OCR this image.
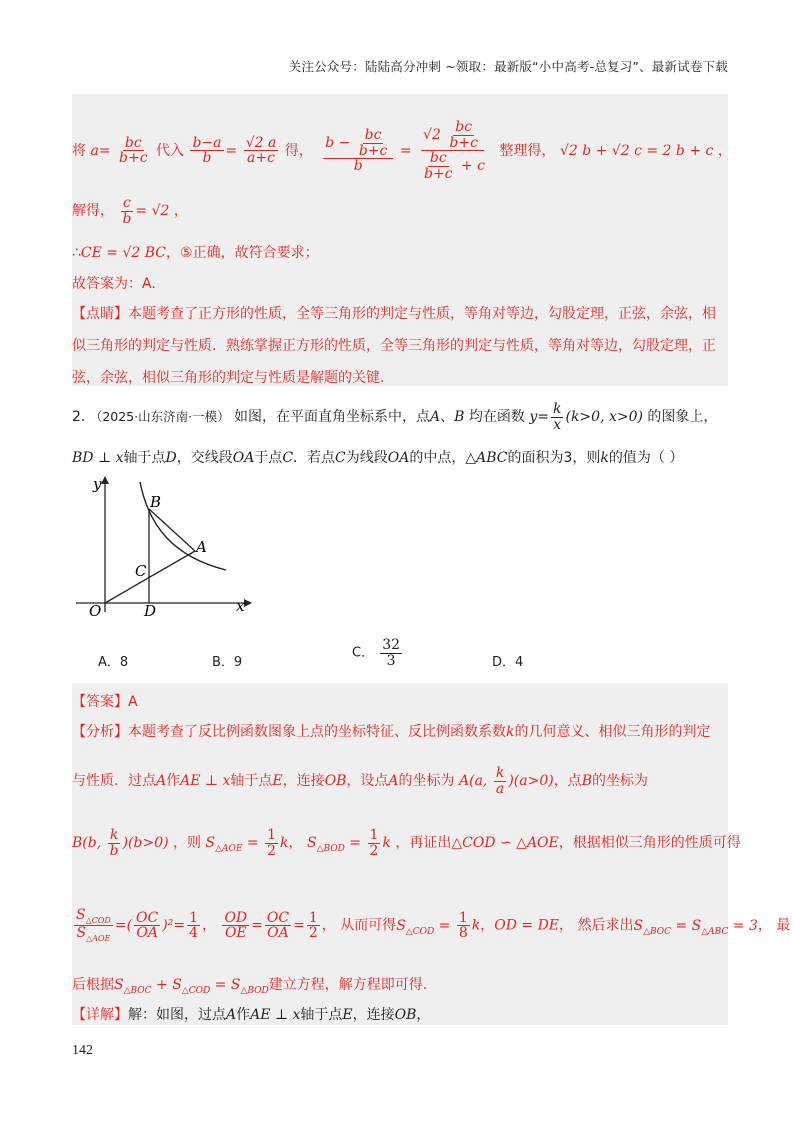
关注公众号：陆陆高分冲刺 ~领取：最新版“小中高考-总复习”、最新试卷下载
将 $a= \frac{bc}{b+c}$ 代入 $\frac{b-a}{b} = \frac{√2 a}{a+c}$ 得， $\frac{b - \frac{bc}{b+c}}{b} = \frac{√2 \frac{bc}{b+c}}{\frac{bc}{b+c} + c}$ 整理得， √2 b + √2 c = 2 b + c ，
解得， $\frac{c}{b} = √2$ ，
∴CE = √2 BC，⑤正确，故符合要求；
故答案为：A.
【点睛】本题考查了正方形的性质，全等三角形的判定与性质，等角对等边，勾股定理，正弦，余弦，相
似三角形的判定与性质．熟练掌握正方形的性质，全等三角形的判定与性质，等角对等边，勾股定理，正
弦，余弦，相似三角形的判定与性质是解题的关键.
2. （2025·山东济南·一模） 如图，在平面直角坐标系中，点A、B 均在函数 $y= \frac{k}{x} (k>0$, x>0) 的图象上，
BD ⊥ x轴于点D，交线段OA于点C．若点C为线段OA的中点，△ABC的面积为3，则k的值为（ ）
y
x
O	D
C
B
A
A．8	B．9
C． $\frac{32}{3}$	D．4
【答案】A
【分析】本题考查了反比例函数图象上点的坐标特征、反比例函数系数k的几何意义、相似三角形的判定
与性质．过点A作AE ⊥ x轴于点E，连接OB，设点A的坐标为 A(a, $\frac{k}{a} )(a>0)$，点B的坐标为
B(b, $\frac{k}{b} )(b>0)$ ，则 $S_{\triangle AOE} = \frac{1}{2}$ k， $S_{\triangle BOD} = \frac{1}{2}$ k ，再证出△COD ∽ △AOE，根据相似三角形的性质可得
$\frac{S_{\triangle COD}}{S_{\triangle AOE}}$ =( $\frac{OC}{OA} )^2= \frac{1}{4}$ ， $\frac{OD}{OE} = \frac{OC}{OA} = \frac{1}{2}$ ， 从而可得$S_{\triangle COD} = \frac{1}{8}$ k，OD = DE， 然后求出$S_{\triangle BOC} = S_{\triangle ABC} = 3$， 最
后根据$S_{\triangle BOC} + S_{\triangle COD} = S_{\triangle BOD}$建立方程，解方程即可得.
【详解】解：如图，过点A作AE ⊥ x轴于点E，连接OB，
142
